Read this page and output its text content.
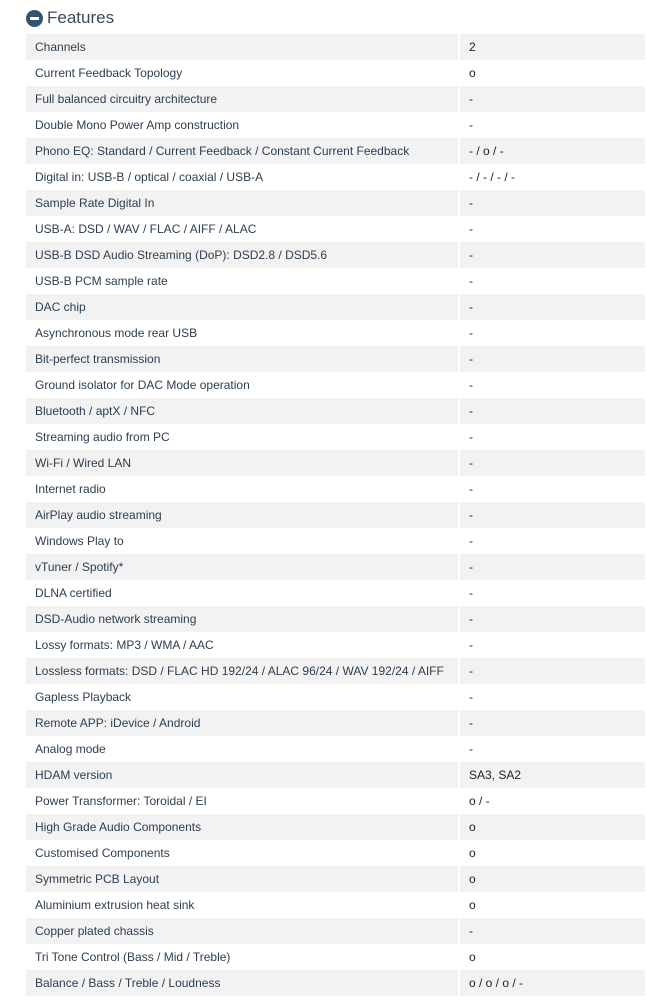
Features
Channels	2
Current Feedback Topology	o
Full balanced circuitry architecture	-
Double Mono Power Amp construction	-
Phono EQ: Standard / Current Feedback / Constant Current Feedback	- / o / -
Digital in: USB-B / optical / coaxial / USB-A	- / - / - / -
Sample Rate Digital In	-
USB-A: DSD / WAV / FLAC / AIFF / ALAC	-
USB-B DSD Audio Streaming (DoP): DSD2.8 / DSD5.6	-
USB-B PCM sample rate	-
DAC chip	-
Asynchronous mode rear USB	-
Bit-perfect transmission	-
Ground isolator for DAC Mode operation	-
Bluetooth / aptX / NFC	-
Streaming audio from PC	-
Wi-Fi / Wired LAN	-
Internet radio	-
AirPlay audio streaming	-
Windows Play to	-
vTuner / Spotify*	-
DLNA certified	-
DSD-Audio network streaming	-
Lossy formats: MP3 / WMA / AAC	-
Lossless formats: DSD / FLAC HD 192/24 / ALAC 96/24 / WAV 192/24 / AIFF	-
Gapless Playback	-
Remote APP: iDevice / Android	-
Analog mode	-
HDAM version	SA3, SA2
Power Transformer: Toroidal / EI	o / -
High Grade Audio Components	o
Customised Components	o
Symmetric PCB Layout	o
Aluminium extrusion heat sink	o
Copper plated chassis	-
Tri Tone Control (Bass / Mid / Treble)	o
Balance / Bass / Treble / Loudness	o / o / o / -
